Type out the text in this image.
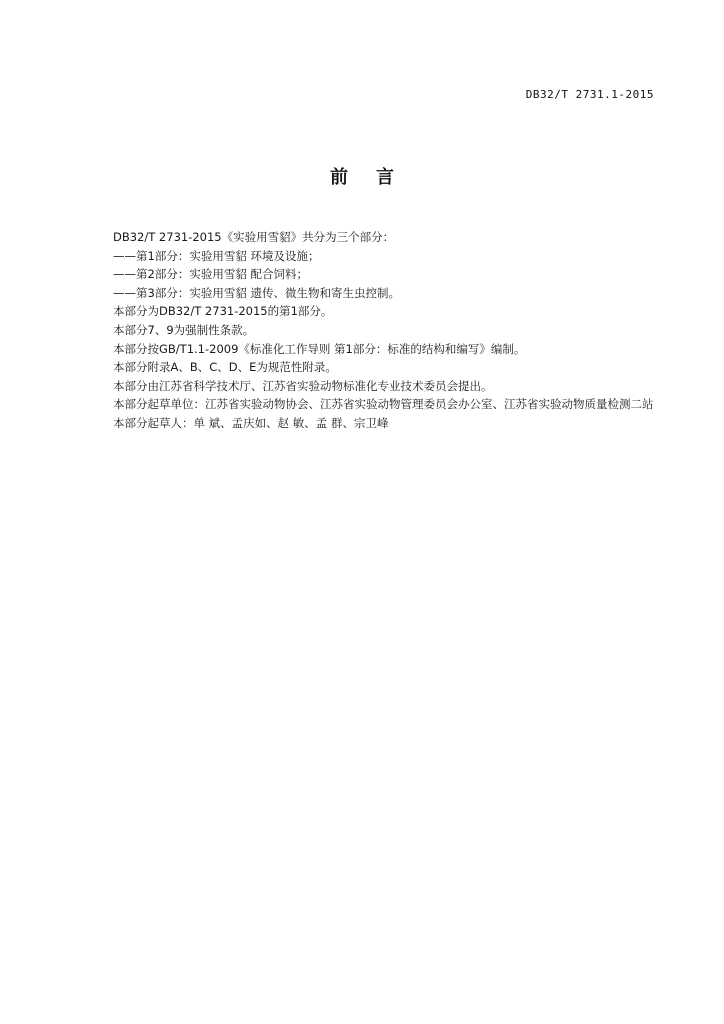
DB32/T 2731.1-2015
前言

DB32/T 2731-2015《实验用雪貂》共分为三个部分：

——第1部分：实验用雪貂 环境及设施；

——第2部分：实验用雪貂 配合饲料；

——第3部分：实验用雪貂 遗传、微生物和寄生虫控制。

本部分为DB32/T 2731-2015的第1部分。

本部分7、9为强制性条款。

本部分按GB/T1.1-2009《标准化工作导则 第1部分：标准的结构和编写》编制。

本部分附录A、B、C、D、E为规范性附录。

本部分由江苏省科学技术厅、江苏省实验动物标准化专业技术委员会提出。

本部分起草单位：江苏省实验动物协会、江苏省实验动物管理委员会办公室、江苏省实验动物质量检测二站

本部分起草人：单 斌、孟庆如、赵 敏、孟 群、宗卫峰
